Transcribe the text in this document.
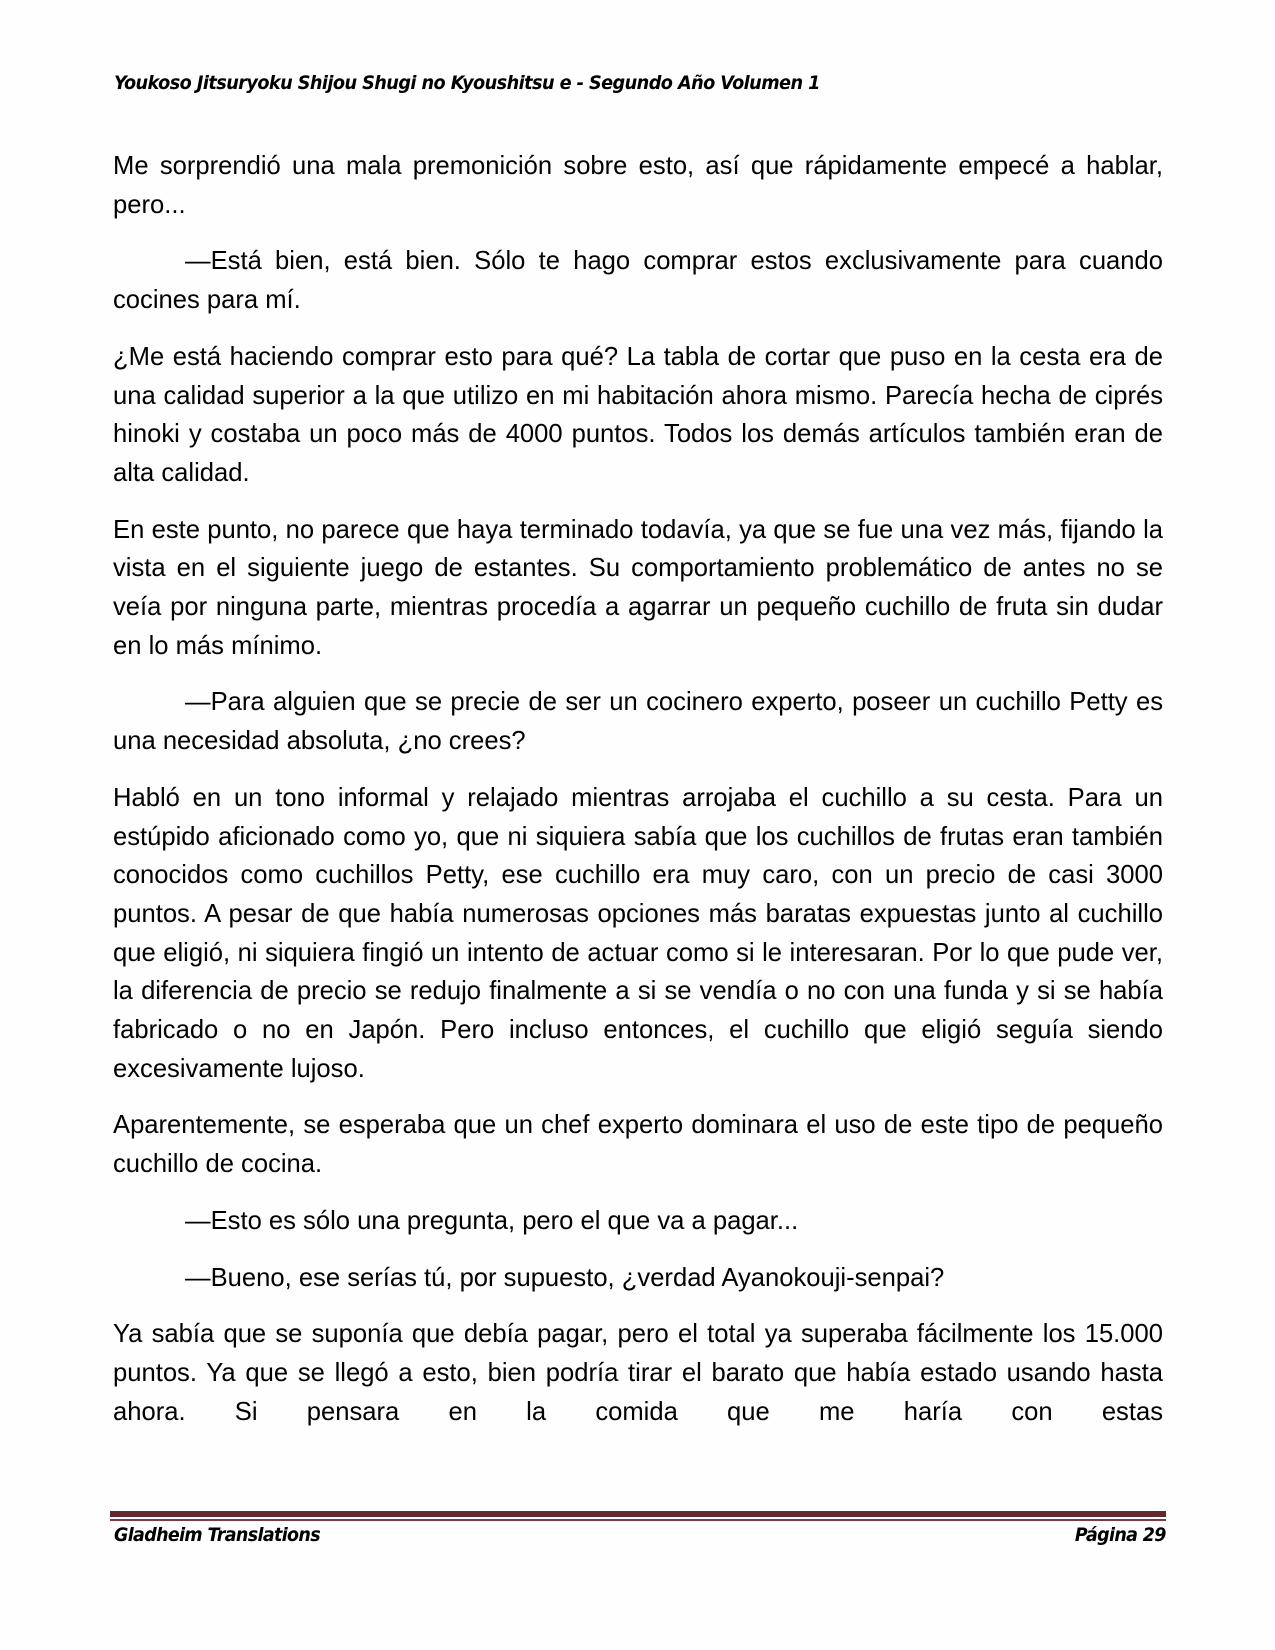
Youkoso Jitsuryoku Shijou Shugi no Kyoushitsu e - Segundo Año Volumen 1

Me sorprendió una mala premonición sobre esto, así que rápidamente empecé a hablar, pero...

—Está bien, está bien. Sólo te hago comprar estos exclusivamente para cuando cocines para mí.

¿Me está haciendo comprar esto para qué? La tabla de cortar que puso en la cesta era de una calidad superior a la que utilizo en mi habitación ahora mismo. Parecía hecha de ciprés hinoki y costaba un poco más de 4000 puntos. Todos los demás artículos también eran de alta calidad.

En este punto, no parece que haya terminado todavía, ya que se fue una vez más, fijando la vista en el siguiente juego de estantes. Su comportamiento problemático de antes no se veía por ninguna parte, mientras procedía a agarrar un pequeño cuchillo de fruta sin dudar en lo más mínimo.

—Para alguien que se precie de ser un cocinero experto, poseer un cuchillo Petty es una necesidad absoluta, ¿no crees?

Habló en un tono informal y relajado mientras arrojaba el cuchillo a su cesta. Para un estúpido aficionado como yo, que ni siquiera sabía que los cuchillos de frutas eran también conocidos como cuchillos Petty, ese cuchillo era muy caro, con un precio de casi 3000 puntos. A pesar de que había numerosas opciones más baratas expuestas junto al cuchillo que eligió, ni siquiera fingió un intento de actuar como si le interesaran. Por lo que pude ver, la diferencia de precio se redujo finalmente a si se vendía o no con una funda y si se había fabricado o no en Japón. Pero incluso entonces, el cuchillo que eligió seguía siendo excesivamente lujoso.

Aparentemente, se esperaba que un chef experto dominara el uso de este tipo de pequeño cuchillo de cocina.

—Esto es sólo una pregunta, pero el que va a pagar...

—Bueno, ese serías tú, por supuesto, ¿verdad Ayanokouji-senpai?

Ya sabía que se suponía que debía pagar, pero el total ya superaba fácilmente los 15.000 puntos. Ya que se llegó a esto, bien podría tirar el barato que había estado usando hasta ahora. Si pensara en la comida que me haría con estas

Gladheim Translations	Página 29
